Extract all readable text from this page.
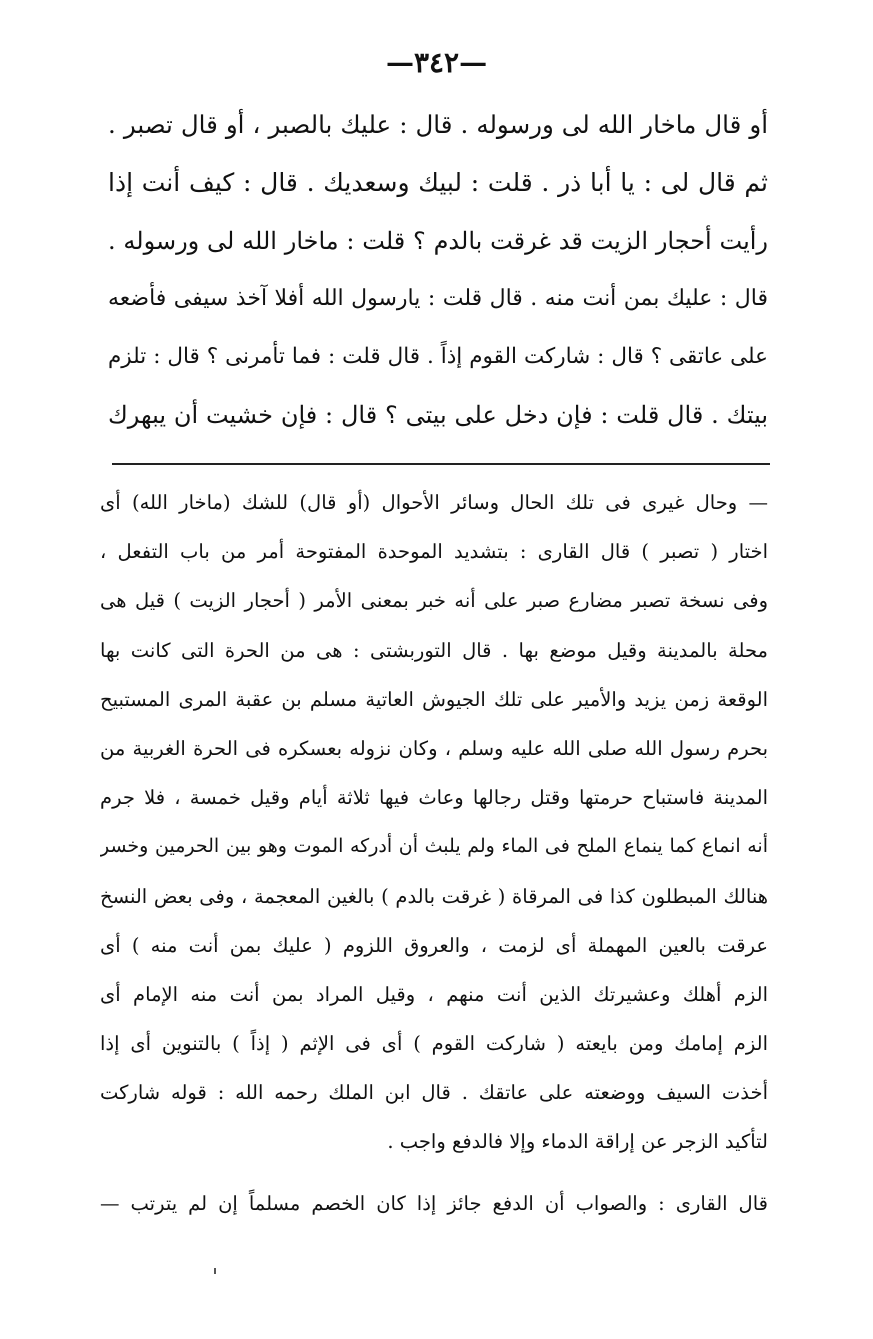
—٣٤٢—
أو قال ماخار الله لى ورسوله . قال : عليك بالصبر ، أو قال تصبر .
ثم قال لى : يا أبا ذر . قلت : لبيك وسعديك . قال : كيف أنت إذا
رأيت أحجار الزيت قد غرقت بالدم ؟ قلت : ماخار الله لى ورسوله .
قال : عليك بمن أنت منه . قال قلت : يارسول الله أفلا آخذ سيفى فأضعه
على عاتقى ؟ قال : شاركت القوم إذاً . قال قلت : فما تأمرنى ؟ قال : تلزم
بيتك . قال قلت : فإن دخل على بيتى ؟ قال : فإن خشيت أن يبهرك
— وحال غيرى فى تلك الحال وسائر الأحوال (أو قال) للشك (ماخار الله) أى
اختار ( تصبر ) قال القارى : بتشديد الموحدة المفتوحة أمر من باب التفعل ،
وفى نسخة تصبر مضارع صبر على أنه خبر بمعنى الأمر ( أحجار الزيت ) قيل هى
محلة بالمدينة وقيل موضع بها . قال التوربشتى : هى من الحرة التى كانت بها
الوقعة زمن يزيد والأمير على تلك الجيوش العاتية مسلم بن عقبة المرى المستبيح
بحرم رسول الله صلى الله عليه وسلم ، وكان نزوله بعسكره فى الحرة الغربية من
المدينة فاستباح حرمتها وقتل رجالها وعاث فيها ثلاثة أيام وقيل خمسة ، فلا جرم
أنه انماع كما ينماع الملح فى الماء ولم يلبث أن أدركه الموت وهو بين الحرمين وخسر
هنالك المبطلون كذا فى المرقاة ( غرقت بالدم ) بالغين المعجمة ، وفى بعض النسخ
عرقت بالعين المهملة أى لزمت ، والعروق اللزوم ( عليك بمن أنت منه ) أى
الزم أهلك وعشيرتك الذين أنت منهم ، وقيل المراد بمن أنت منه الإمام أى
الزم إمامك ومن بايعته ( شاركت القوم ) أى فى الإثم ( إذاً ) بالتنوين أى إذا
أخذت السيف ووضعته على عاتقك . قال ابن الملك رحمه الله : قوله شاركت
لتأكيد الزجر عن إراقة الدماء وإلا فالدفع واجب .
قال القارى : والصواب أن الدفع جائز إذا كان الخصم مسلماً إن لم يترتب —
